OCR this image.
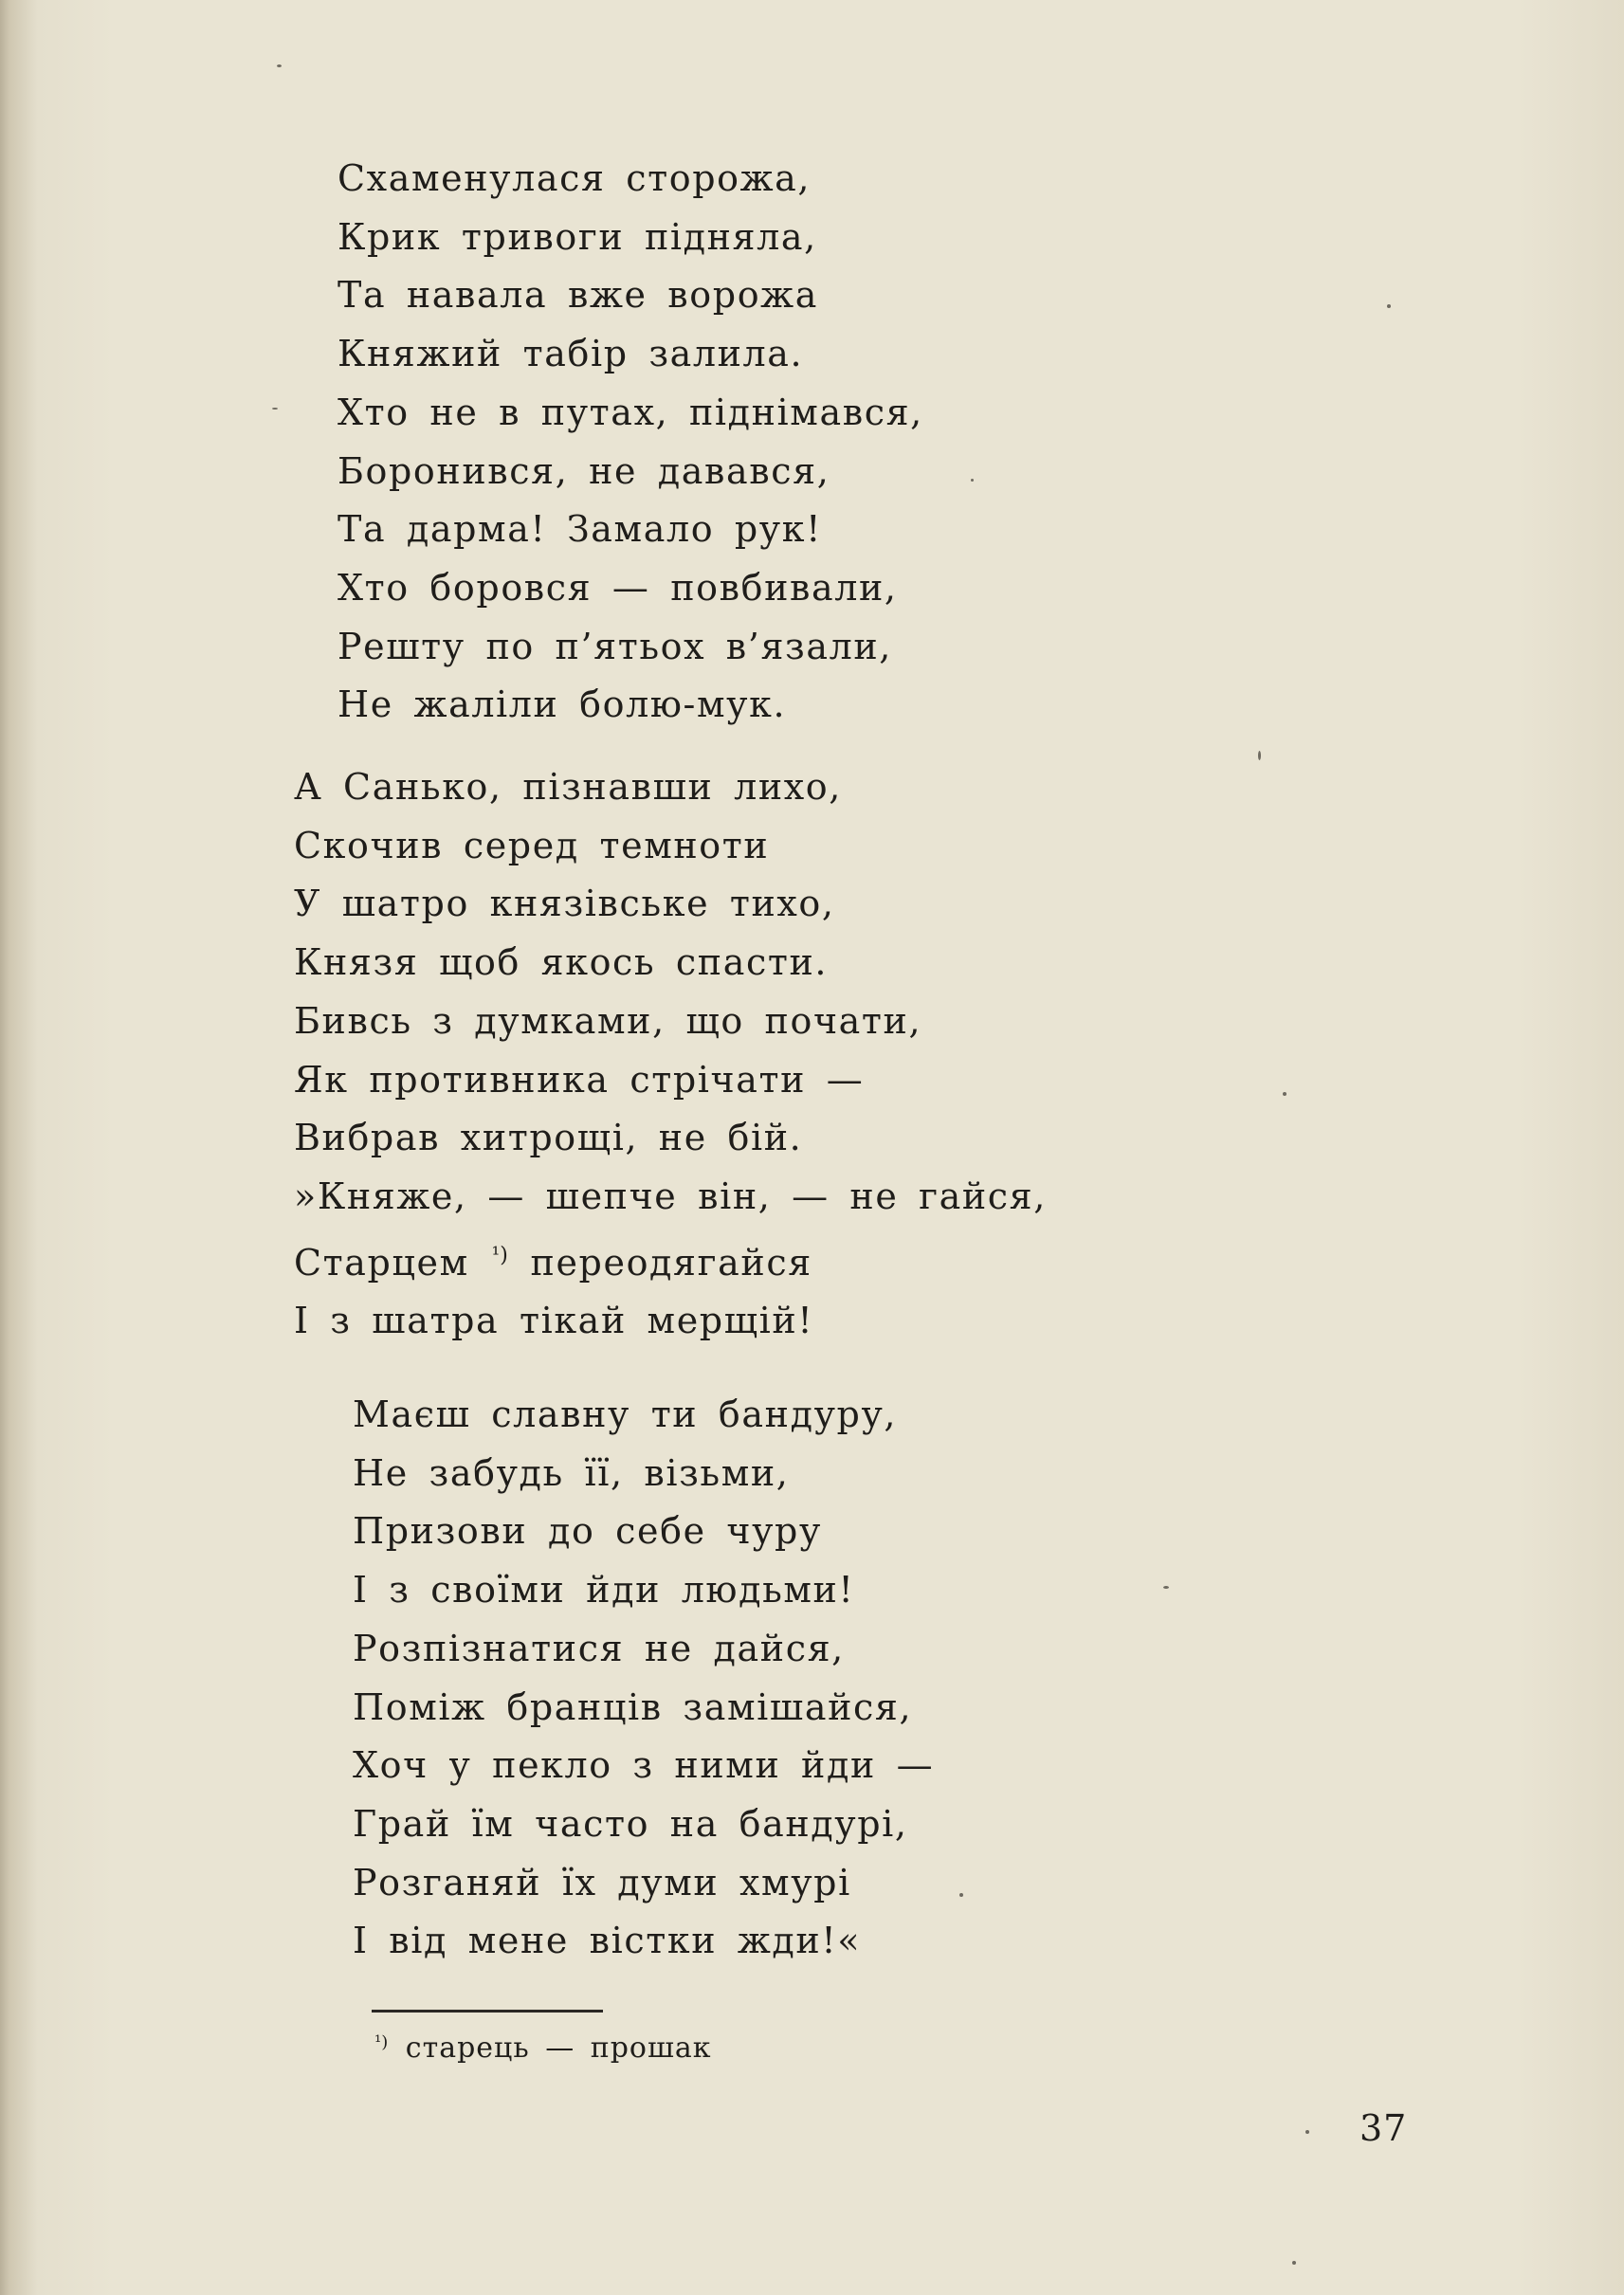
Схаменулася сторожа,
Крик тривоги підняла,
Та навала вже ворожа
Княжий табір залила.
Хто не в путах, піднімався,
Боронився, не давався,
Та дарма! Замало рук!
Хто боровся — повбивали,
Решту по п’ятьох в’язали,
Не жаліли болю-мук.
А Санько, пізнавши лихо,
Скочив серед темноти
У шатро князівське тихо,
Князя щоб якось спасти.
Бивсь з думками, що почати,
Як противника стрічати —
Вибрав хитрощі, не бій.
»Княже, — шепче він, — не гайся,
Старцем $^{^1)}$ переодягайся
І з шатра тікай мерщій!
Маєш славну ти бандуру,
Не забудь її, візьми,
Призови до себе чуру
І з своїми йди людьми!
Розпізнатися не дайся,
Поміж бранців замішайся,
Хоч у пекло з ними йди —
Грай їм часто на бандурі,
Розганяй їх думи хмурі
І від мене вістки жди!«
$^{^1)}$ старець — прошак
37
